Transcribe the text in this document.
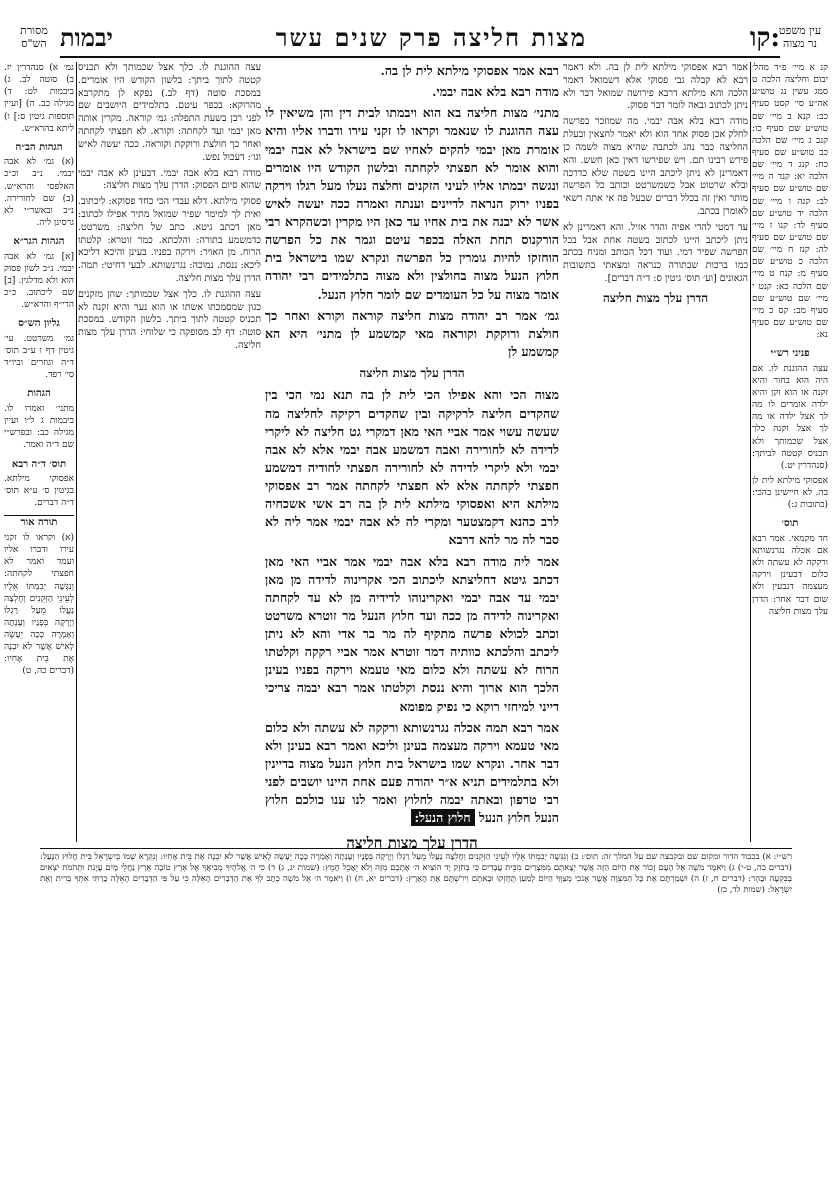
קו:
מצות חליצה פרק שנים עשר
יבמות
מסורת
הש"ס
עין משפט
נר מצוה

קנ א מיי׳ פ״ד מהל׳ יבום וחליצה הלכה ט סמג עשין נג טוש״ע אה״ע סי׳ קסט סעיף כב: קנא ב מיי׳ שם טוש״ע שם סעיף כו: קנב ג מיי׳ שם הלכה כב טוש״ע שם סעיף כח: קנג ד מיי׳ שם הלכה יא: קנד ה מיי׳ שם טוש״ע שם סעיף לב: קנה ו מיי׳ שם הלכה יד טוש״ע שם סעיף לד: קנו ז מיי׳ שם טוש״ע שם סעיף לה: קנז ח מיי׳ שם הלכה כ טוש״ע שם סעיף מ: קנח ט מיי׳ שם הלכה כא: קנט י מיי׳ שם טוש״ע שם סעיף מב: קס כ מיי׳ שם טוש״ע שם סעיף נא:

פניני רש״י

עצה ההוגנת לו. אם היה הוא בחור והיא זקנה או הוא זקן והיא ילדה אומרים לו מה לך אצל ילדה או מה לך אצל זקנה כלך אצל שכמותך ולא תכניס קטטה לביתך: (סנהדרין יט.)

אפסוקי מילתא לית לן בה. לא חיישינן בהכי: (כתובות ג:)

תוס׳

חד מקמאי. אמר רבא אם אכלה נגרנשותא ורקקה לא עשתה ולא כלום דבעינן וירקה מעצמה דנבעין ולא שום דבר אחר: הדרן עלך מצות חליצה

אמר רבא אפסוקי מילתא לית לן בה. ולא דאמר רבא לא קבלה גבי פסוקי אלא דשמואל דאמר הלכה והא מילתא דרבא פירושה שמואל דבר ולא ניתן לכתוב ובאה לומר דבר פסוק.

מודה רבא בלא אבה יבמי. מה שמוזכר בפרשה לחלק אכן פסוק אחד הוא ולא יאמר לחצאין ובעלת החליצה כבר נהג לכתבה שהיא מצוה לשמה כן פירש רבינו תם. ויש שפירשו דאין כאן חשש. והא דאמרינן לא ניתן ליכתב היינו בשטה שלא כדרכה ובלא שרטוט אבל כשמשרטט וכותב כל הפרשה מותר ואין זה בכלל דברים שבעל פה אי אתה רשאי לאומרן בכתב.

עד דמטי להדי אפיה והדר אזיל. והא דאמרינן לא ניתן ליכתב היינו לכתוב בשטה אחת אבל בכל הפרשה שפיר דמי. ועוד דכל הכותב ומניח בכתב כמו ברכות שבתורה כנראה ומצאתי בתשובות הגאונים [וע׳ תוס׳ גיטין ס: ד״ה דברים].

הדרן עלך מצות חליצה

רבא אמר אפסוקי מילתא לית לן בה.

מודה רבא בלא אבה יבמי.

מתני׳ מצות חליצה בא הוא ויבמתו לבית דין והן משיאין לו עצה ההוגנת לו שנאמר וקראו לו זקני עירו ודברו אליו והיא אומרת מאן יבמי להקים לאחיו שם בישראל לא אבה יבמי והוא אומר לא חפצתי לקחתה ובלשון הקודש היו אומרים ונגשה יבמתו אליו לעיני הזקנים וחלצה נעלו מעל רגלו וירקה בפניו ירוק הנראה לדיינים וענתה ואמרה ככה יעשה לאיש אשר לא יבנה את בית אחיו עד כאן היו מקרין וכשהקרא רבי הורקנוס תחת האלה בכפר עיטם וגמר את כל הפרשה הוחזקו להיות גומרין כל הפרשה ונקרא שמו בישראל בית חלוץ הנעל מצוה בחולצין ולא מצוה בתלמידים רבי יהודה אומר מצוה על כל העומדים שם לומר חלוץ הנעל.

גמ׳ אמר רב יהודה מצות חליצה קוראה וקורא ואחר כך חולצת ורוקקת וקוראה מאי קמשמע לן מתני׳ היא הא קמשמע לן

הדרן עלך מצות חליצה

מצוה הכי והא אפילו הכי לית לן בה תנא נמי הכי בין שהקדים חליצה לרקיקה ובין שהקדים רקיקה לחליצה מה שעשה עשוי אמר אביי האי מאן דמקרי גט חליצה לא ליקרי לדידה לא לחורירה ואבה דמשמע אבה יבמי אלא לא אבה יבמי ולא ליקרי לדידה לא לחורירה חפצתי לחודיה דמשמע חפצתי לקחתה אלא לא חפצתי לקחתה אמר רב אפסוקי מילתא היא ואפסוקי מילתא לית לן בה רב אשי אשכחיה לרב כהנא דקמצטער ומקרי לה לא אבה יבמי אמר ליה לא סבר לה מר להא דרבא

אמר ליה מודה רבא בלא אבה יבמי אמר אביי האי מאן דכתב גיטא דחליצתא ליכתוב הכי אקרינוה לדידה מן מאן יבמי עד אבה יבמי ואקרינוהו לדידיה מן לא עד לקחתה ואקרינוה לדידה מן ככה ועד חלוץ הנעל מר זוטרא משרטט וכתב לכולא פרשה מתקיף לה מר בר אדי והא לא ניתן ליכתב והלכתא כוותיה דמר זוטרא אמר אביי רקקה וקלטתו הרוח לא עשתה ולא כלום מאי טעמא וירקה בפניו בעינן הלכך הוא ארוך והיא ננסת וקלטתו אמר רבא יבמה צריכי דייני למיחזי רוקא כי נפיק מפומא

אמר רבא תמה אכלה נגרנשותא ורקקה לא עשתה ולא כלום מאי טעמא וירקה מעצמה בעינן וליכא ואמר רבא בעינן ולא דבר אחר. ונקרא שמו בישראל בית חלוץ הנעל מצוה בדיינין ולא בתלמידים תניא א״ר יהודה פעם אחת היינו יושבים לפני רבי טרפון ובאתה יבמה לחלוץ ואמר לנו ענו כולכם חלוץ הנעל חלוץ הנעל חלוץ הנעל:

הדרן עלך מצות חליצה

עצה ההוגנת לו. כלך אצל שכמותך ולא תכניס קטטה לתוך ביתך: בלשון הקודש היו אומרים. במסכת סוטה (דף לב.) נפקא לן מתקרבא מהרוקא: בכפר עיטם. בתלמידים היושבים שם לפני רבן בשעת התפלה: גמ׳ קוראה. מקרין אותה מאן יבמי ועד לקחתה: וקורא. לא חפצתי לקחתה ואחר כך חולצת ורוקקת וקוראה. ככה יעשה לאיש וגו׳: דעכול נפש.

מודה רבא בלא אבה יבמי. דבעינן לא אבה יבמי שהוא סיום הפסוק: הדרן עלך מצות חליצה:

פסוקי מילתא. דלא עבדי הכי כחד פסוקא: ליכתוב. ואית לך למימר שפיר שמואל מתיר אפילו לכתוב: מאן דכתב גיטא. כתב של חליצה: משרטט. כדמשמע בתורה: והלכתא. כמר זוטרא: קלטתו הרוח. מן האויר: וירקה בפניו. בעינן והיכא דליכא ליכא: ננסת. נמוכה: נגרנשותא. לבעי דחיטי: תמה. הדרן עלך מצות חליצה.

עצה ההוגנת לו. כלך אצל שכמותך: שהן מזקנים כגון שמסמכתו אשתו או הוא נער והיא זקנה לא תכניס קטטה לתוך ביתך. בלשון הקודש. במסכת סוטה: דף לב מסופקה כי שלוחי: הדרן עלך מצות חליצה.

גמ׳ א) סנהדרין יז. ב) סוטה לב. ג) ביבמות לט: ד) מגילה כב. ה) [ועיין תוספות גיטין ס:] ו) ליתא בהרא״ש.

הגהות הב״ח

(א) גמ׳ לא אבה יבמי. נ״ב וכ״כ האלפסי והרא״ש. (ב) שם לחורירה. נ״ב ובאשר״י לא גרסינן ליה.

הגהות הגר״א

[א] גמ׳ לא אבה יבמי. נ״ב לשון פסוק הוא ולא מדלגין. [ב] שם ליכתוב. כ״כ הרי״ף והרא״ש.

גליון הש״ס

גמ׳ משרטט. עי׳ גיטין דף ו ע״ב תוס׳ ד״ה וגוזרים וביו״ד סי׳ רפד.

הגהות

מתני׳ ואמרו לו. ביבמות ג ל״ו ועיין מגילה כב: ובפרש״י שם ד״ה ואמר.

תוס׳ ד״ה רבא

אפסוקי מילתא. בגיטין ס׳ ע״א תוס׳ ד״ה דברים.

תורה אור

(א) וקראו לו זקני עירו ודברו אליו ועמד ואמר לא חפצתי לקחתה: וְנִגְּשָׁה יְבִמְתּוֹ אֵלָיו לְעֵינֵי הַזְּקֵנִים וְחָלְצָה נַעֲלוֹ מֵעַל רַגְלוֹ וְיָרְקָה בְּפָנָיו וְעָנְתָה וְאָמְרָה כָּכָה יֵעָשֶׂה לָאִישׁ אֲשֶׁר לֹא יִבְנֶה אֶת בֵּית אָחִיו: (דברים כה, ט)

רש״י: א) בכבוד הדור ומקום שם ובקבצה שם על המלך זה: תוס׳: ב) וְנִגְּשָׁה יְבִמְתּוֹ אֵלָיו לְעֵינֵי הַזְּקֵנִים וְחָלְצָה נַעֲלוֹ מֵעַל רַגְלוֹ וְיָרְקָה בְּפָנָיו וְעָנְתָה וְאָמְרָה כָּכָה יֵעָשֶׂה לָאִישׁ אֲשֶׁר לֹא יִבְנֶה אֶת בֵּית אָחִיו: וְנִקְרָא שְׁמוֹ בְּיִשְׂרָאֵל בֵּית חֲלוּץ הַנָּעַל: (דברים כה, ט-י) ג) וַיֹּאמֶר מֹשֶׁה אֶל הָעָם זָכוֹר אֶת הַיּוֹם הַזֶּה אֲשֶׁר יְצָאתֶם מִמִּצְרַיִם מִבֵּית עֲבָדִים כִּי בְּחֹזֶק יָד הוֹצִיא ה׳ אֶתְכֶם מִזֶּה וְלֹא יֵאָכֵל חָמֵץ: (שמות יג, ג) ד) כִּי ה׳ אֱלֹהֶיךָ מְבִיאֲךָ אֶל אֶרֶץ טוֹבָה אֶרֶץ נַחֲלֵי מָיִם עֲיָנֹת וּתְהֹמֹת יֹצְאִים בַּבִּקְעָה וּבָהָר: (דברים ח, ז) ה) וּשְׁמַרְתֶּם אֶת כָּל הַמִּצְוָה אֲשֶׁר אָנֹכִי מְצַוְּךָ הַיּוֹם לְמַעַן תֶּחֶזְקוּ וּבָאתֶם וִירִשְׁתֶּם אֶת הָאָרֶץ: (דברים יא, ח) ו) וַיֹּאמֶר ה׳ אֶל מֹשֶׁה כְּתָב לְךָ אֶת הַדְּבָרִים הָאֵלֶּה כִּי עַל פִּי הַדְּבָרִים הָאֵלֶּה כָּרַתִּי אִתְּךָ בְּרִית וְאֶת יִשְׂרָאֵל: (שמות לד, כז)
